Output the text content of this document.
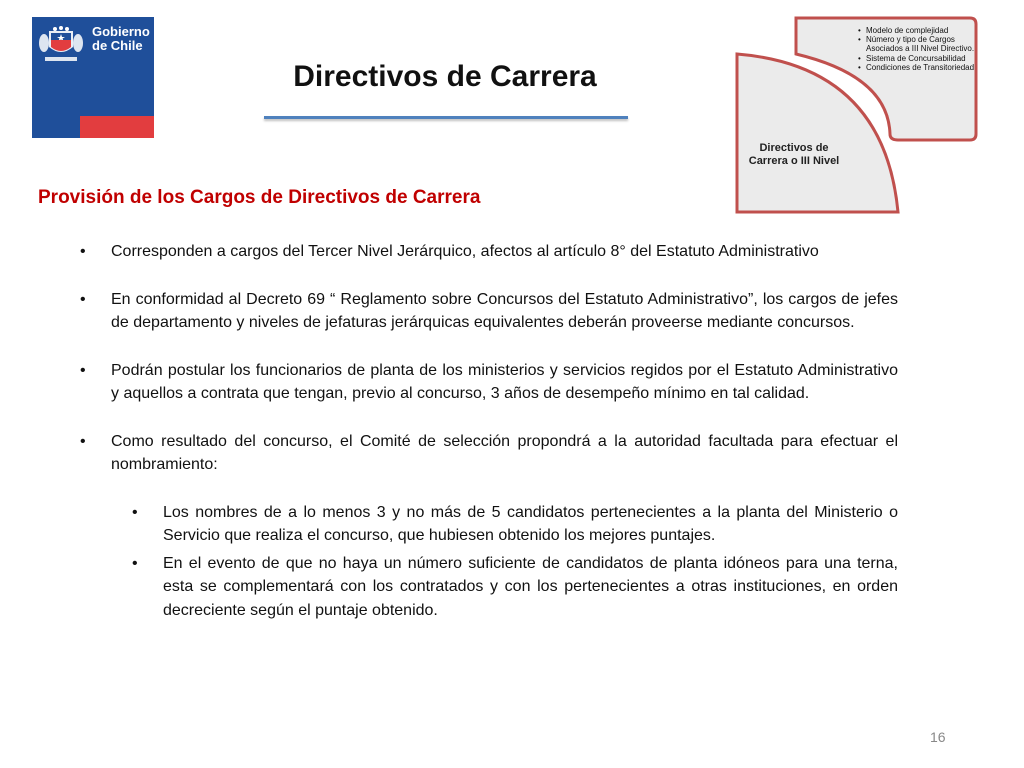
Gobierno
de Chile
Directivos de Carrera
• Modelo de complejidad
• Número y tipo de Cargos Asociados a III Nivel Directivo.
• Sistema de Concursabilidad
• Condiciones de Transitoriedad
Directivos de
Carrera o III Nivel
Provisión de los Cargos de Directivos de Carrera
• Corresponden a cargos del Tercer Nivel Jerárquico, afectos al artículo 8° del Estatuto Administrativo
• En conformidad al Decreto 69 “ Reglamento sobre Concursos del Estatuto Administrativo”, los cargos de jefes de departamento y niveles de jefaturas jerárquicas equivalentes deberán proveerse mediante concursos.
• Podrán postular los funcionarios de planta de los ministerios y servicios regidos por el Estatuto Administrativo y aquellos a contrata que tengan, previo al concurso, 3 años de desempeño mínimo en tal calidad.
• Como resultado del concurso, el Comité de selección propondrá a la autoridad facultada para efectuar el nombramiento:
• Los nombres de a lo menos 3 y no más de 5 candidatos pertenecientes a la planta del Ministerio o Servicio que realiza el concurso, que hubiesen obtenido los mejores puntajes.
• En el evento de que no haya un número suficiente de candidatos de planta idóneos para una terna, esta se complementará con los contratados y con los pertenecientes a otras instituciones, en orden decreciente según el puntaje obtenido.
16
